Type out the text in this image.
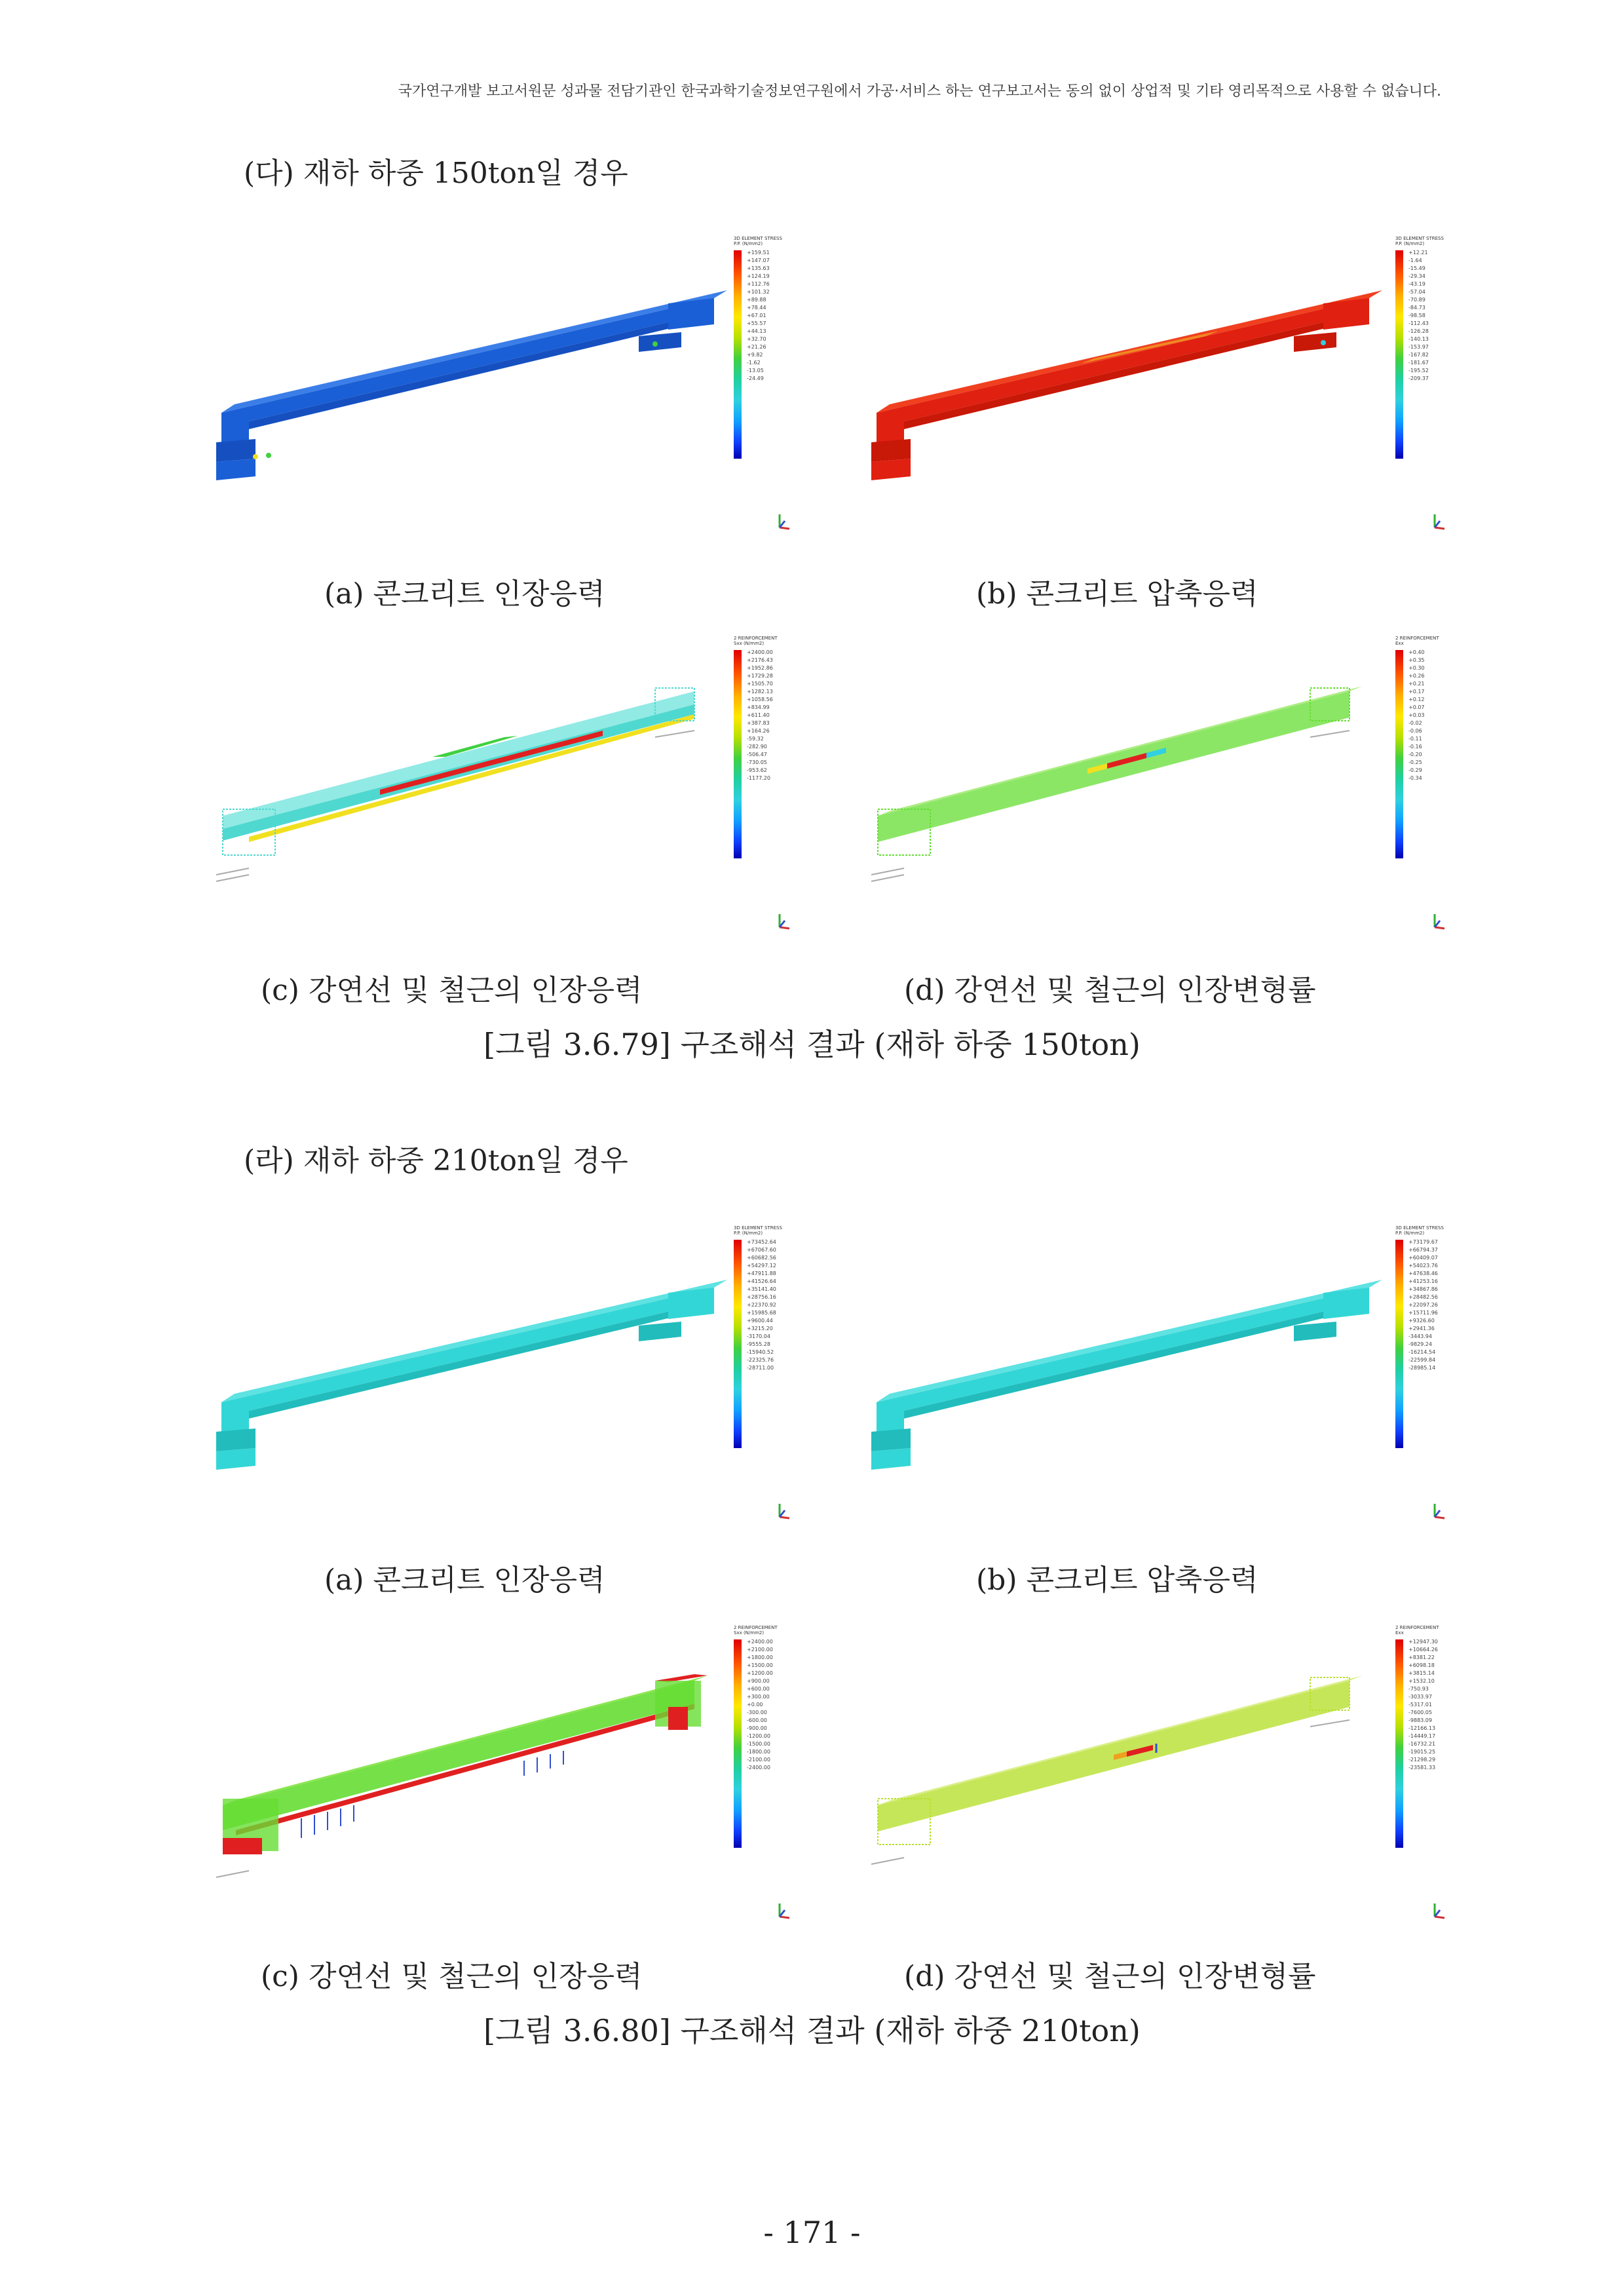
국가연구개발 보고서원문 성과물 전담기관인 한국과학기술정보연구원에서 가공·서비스 하는 연구보고서는 동의 없이 상업적 및 기타 영리목적으로 사용할 수 없습니다.
(다) 재하 하중 150ton일 경우
3D ELEMENT STRESS
P.P. (N/mm2)
+159.51
+147.07
+135.63
+124.19
+112.76
+101.32
+89.88
+78.44
+67.01
+55.57
+44.13
+32.70
+21.26
+9.82
-1.62
-13.05
-24.49
(a) 콘크리트 인장응력
3D ELEMENT STRESS
P.P. (N/mm2)
+12.21
-1.64
-15.49
-29.34
-43.19
-57.04
-70.89
-84.73
-98.58
-112.43
-126.28
-140.13
-153.97
-167.82
-181.67
-195.52
-209.37
(b) 콘크리트 압축응력
2 REINFORCEMENT
Sxx (N/mm2)
+2400.00
+2176.43
+1952.86
+1729.28
+1505.70
+1282.13
+1058.56
+834.99
+611.40
+387.83
+164.26
-59.32
-282.90
-506.47
-730.05
-953.62
-1177.20
(c) 강연선 및 철근의 인장응력
2 REINFORCEMENT
Exx
+0.40
+0.35
+0.30
+0.26
+0.21
+0.17
+0.12
+0.07
+0.03
-0.02
-0.06
-0.11
-0.16
-0.20
-0.25
-0.29
-0.34
(d) 강연선 및 철근의 인장변형률
[그림 3.6.79] 구조해석 결과 (재하 하중 150ton)
(라) 재하 하중 210ton일 경우
3D ELEMENT STRESS
P.P. (N/mm2)
+73452.64
+67067.60
+60682.56
+54297.12
+47911.88
+41526.64
+35141.40
+28756.16
+22370.92
+15985.68
+9600.44
+3215.20
-3170.04
-9555.28
-15940.52
-22325.76
-28711.00
(a) 콘크리트 인장응력
3D ELEMENT STRESS
P.P. (N/mm2)
+73179.67
+66794.37
+60409.07
+54023.76
+47638.46
+41253.16
+34867.86
+28482.56
+22097.26
+15711.96
+9326.60
+2941.36
-3443.94
-9829.24
-16214.54
-22599.84
-28985.14
(b) 콘크리트 압축응력
2 REINFORCEMENT
Sxx (N/mm2)
+2400.00
+2100.00
+1800.00
+1500.00
+1200.00
+900.00
+600.00
+300.00
+0.00
-300.00
-600.00
-900.00
-1200.00
-1500.00
-1800.00
-2100.00
-2400.00
(c) 강연선 및 철근의 인장응력
2 REINFORCEMENT
Exx
+12947.30
+10664.26
+8381.22
+6098.18
+3815.14
+1532.10
-750.93
-3033.97
-5317.01
-7600.05
-9883.09
-12166.13
-14449.17
-16732.21
-19015.25
-21298.29
-23581.33
(d) 강연선 및 철근의 인장변형률
[그림 3.6.80] 구조해석 결과 (재하 하중 210ton)
- 171 -
